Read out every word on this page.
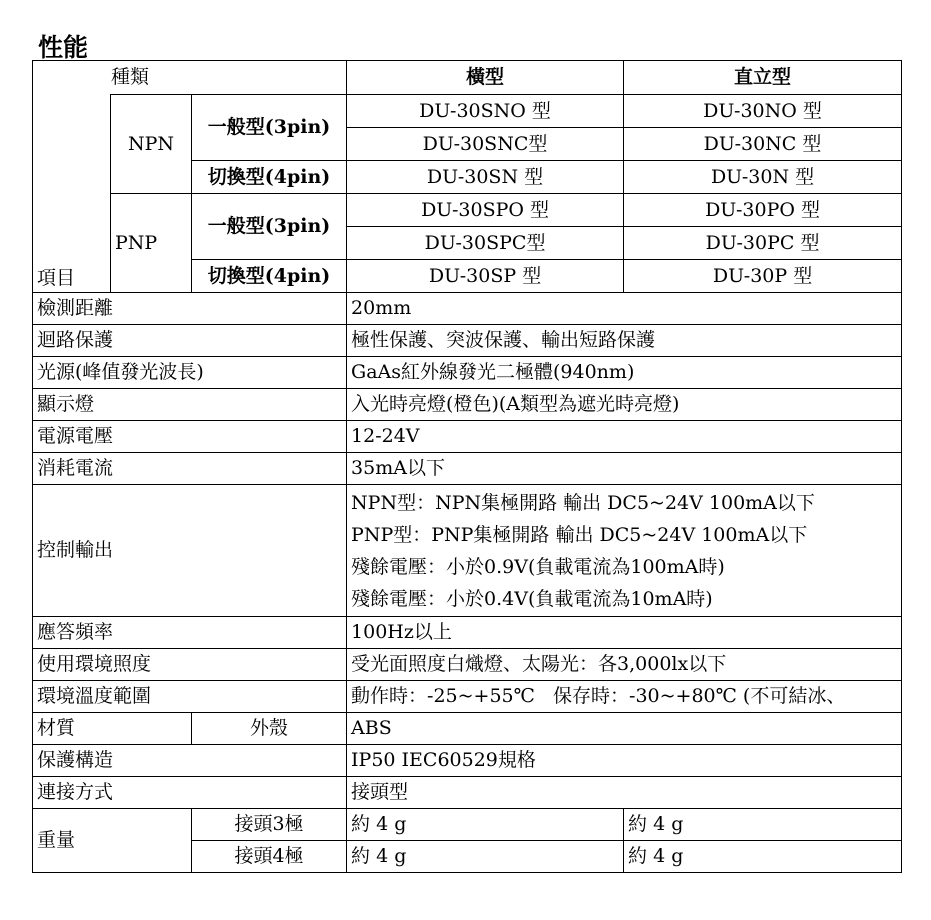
性能
種類			橫型	直立型
項目	NPN	一般型(3pin)	DU-30SNO 型	DU-30NO 型
			DU-30SNC型	DU-30NC 型
		切換型(4pin)	DU-30SN 型	DU-30N 型
	PNP	一般型(3pin)	DU-30SPO 型	DU-30PO 型
			DU-30SPC型	DU-30PC 型
		切換型(4pin)	DU-30SP 型	DU-30P 型
檢測距離			20mm	
迴路保護			極性保護、突波保護、輸出短路保護	
光源(峰值發光波長)			GaAs紅外線發光二極體(940nm)	
顯示燈			入光時亮燈(橙色)(A類型為遮光時亮燈)	
電源電壓			12-24V	
消耗電流			35mA以下	
控制輸出			NPN型：NPN集極開路 輸出 DC5~24V 100mA以下
PNP型：PNP集極開路 輸出 DC5~24V 100mA以下
殘餘電壓：小於0.9V(負載電流為100mA時)
殘餘電壓：小於0.4V(負載電流為10mA時)	

應答頻率			100Hz以上	
使用環境照度			受光面照度白熾燈、太陽光：各3,000lx以下	
環境溫度範圍			動作時：-25~+55℃   保存時：-30~+80℃ (不可結冰、	
材質		外殼	ABS	
保護構造			IP50 IEC60529規格	
連接方式			接頭型	
重量		接頭3極	約 4 g	約 4 g
		接頭4極	約 4 g	約 4 g
